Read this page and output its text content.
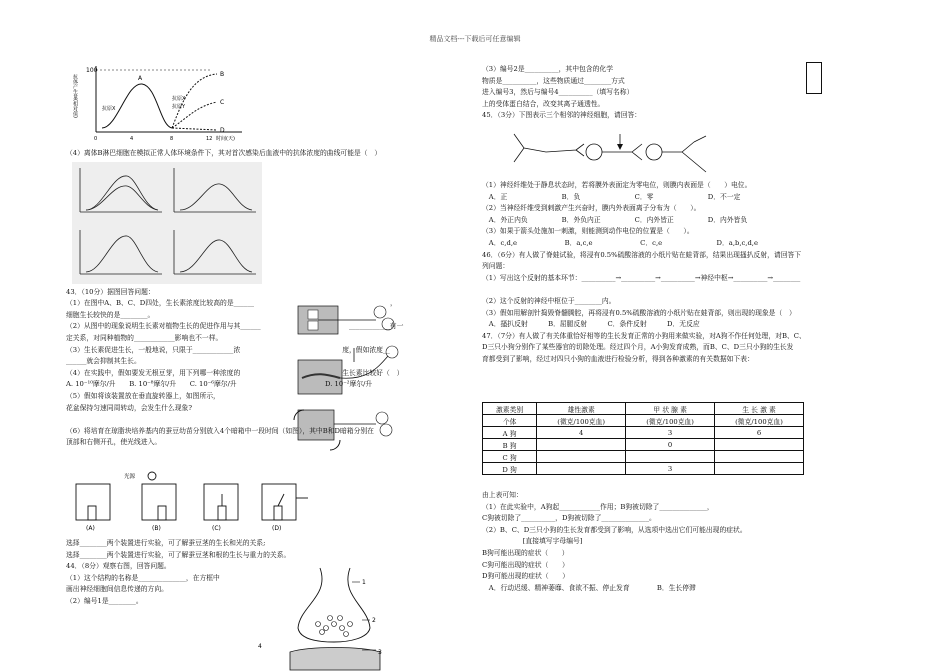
精品文档---下载后可任意编辑
100
抗体产生量(相对值)	A
B
C
D
抗原X
抗原X
抗原Y
0	4	8	12 时间(天)
（4）离体B淋巴细胞在模拟正常人体环境条件下，其对首次感染后血液中的抗体浓度的曲线可能是（　）
43．（10分）据图回答问题：
（1）在图中A、B、C、D四处，生长素浓度比较高的是______　　　　　　　　　　　　　　　　　　　　，
细胞生长较快的是________。
（2）从图中的现象说明生长素对植物生长的促进作用与其______　　　　　　　　　　　　　____________有一
定关系，对同种植物的____________影响也不一样。
（3）生长素促进生长，一般地说，只限于____________浓　　　　　　　　　　　　　　　度，假如浓度__
______就会抑制其生长。
（4）在实践中，假如要发无根豆芽，用下列哪一种浓度的　　　　　　　　　　　　　　　生长素比较好（　）
A. 10⁻¹⁰摩尔/升　　B. 10⁻⁸摩尔/升　　C. 10⁻⁶摩尔/升　　　　　　　　　　　　　D. 10⁻²摩尔/升
（5）假如将该装置放在垂直旋转器上，如图所示，
花盆保持匀速同周转动，会发生什么现象?
（6）将培育在琼脂块培养基内的蚕豆幼苗分别放入4个暗箱中一段时间（如图），其中B和D暗箱分别在
顶部和右侧开孔，使光线进入。
(A)	(B)	(C)	(D)
光源
选择________两个装置进行实验，可了解蚕豆茎的生长和光的关系;
选择________两个装置进行实验，可了解蚕豆茎和根的生长与重力的关系。
44．（8分）观察右图，回答问题。
（1）这个结构的名称是______________，在方框中
画出神经细胞间信息传递的方向。
（2）编号1是________。
1
2
3
4
（3）编号2是__________，其中包含的化学
物质是__________，这些物质通过________方式
进入编号3，然后与编号4__________（填写名称）
上的受体蛋白结合，改变其离子通透性。
45．（3分）下图表示三个相邻的神经细胞，请回答：
（1）神经纤维处于静息状态时，若将膜外表面定为零电位，则膜内表面是（　　）电位。
　A．正　　　　　　　　B．负　　　　　　　　C．零　　　　　　　　D．不一定
（2）当神经纤维受到刺激产生兴奋时，膜内外表面离子分布为（　　）。
　A．外正内负　　　　　B．外负内正　　　　　C．内外皆正　　　　　D．内外皆负
（3）如果于箭头处施加一刺激，则能测到动作电位的位置是（　　）。
　A．c,d,e　　　　　　　B．a,c,e　　　　　　　C．c,e　　　　　　　　D．a,b,c,d,e
46．（6分）有人做了脊蛙试验，将浸有0.5%硫酸溶液的小纸片贴在蛙背部，结果出现搔扒反射，请回答下
列问题：
（1）写出这个反射的基本环节：__________→__________→__________→神经中枢→__________→________
（2）这个反射的神经中枢位于________内。
（3）假如用解剖针捣毁脊髓腾腔，再将浸有0.5%硫酸溶液的小纸片贴在蛙背部，则出现的现象是（　）
　A．搔扒反射　　　B．屈腿反射　　　C．条件反射　　　D．无反应
47．（7分）有人做了有关体重恰好相等的生长发育正常的小狗用来做实验，对A狗不作任何处理，对B、C、
D三只小狗分别作了某些器官的切除处理。经过四个月，A小狗发育成熟，而B、C、D三只小狗的生长发
育都受到了影响，经过对四只小狗的血液进行检验分析，得到各种激素的有关数据如下表：
激素类别	雄性激素	甲 状 腺 素	生 长 激 素
个体	(微克/100克血)	(微克/100克血)	(微克/100克血)
A 狗	4	3	6
B 狗		0	
C 狗			
D 狗		3	
由上表可知：
（1）在此实验中，A狗起____________作用；B狗被切除了______________，
C狗被切除了__________，D狗被切除了______________。
（2）B、C、D三只小狗的生长发育都受到了影响，从选项中选出它们可能出现的症状。
　　　　　　[直接填写字母编号]
B狗可能出现的症状（　　）
C狗可能出现的症状（　　）
D狗可能出现的症状（　　）
　A．行动迟缓、精神萎靡、食欲不振、停止发育　　　　B．生长停滞
